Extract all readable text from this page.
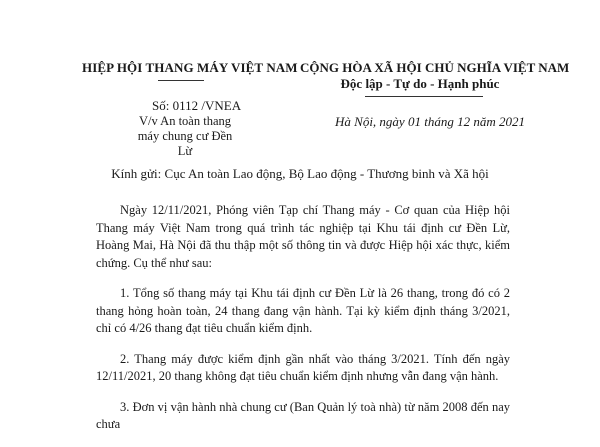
HIỆP HỘI THANG MÁY VIỆT NAM
Số: 0112 /VNEA
V/v An toàn thang máy chung cư Đền Lừ
CỘNG HÒA XÃ HỘI CHỦ NGHĨA VIỆT NAM
Độc lập - Tự do - Hạnh phúc
Hà Nội, ngày 01 tháng 12 năm 2021
Kính gửi: Cục An toàn Lao động, Bộ Lao động - Thương binh và Xã hội

Ngày 12/11/2021, Phóng viên Tạp chí Thang máy - Cơ quan của Hiệp hội Thang máy Việt Nam trong quá trình tác nghiệp tại Khu tái định cư Đền Lừ, Hoàng Mai, Hà Nội đã thu thập một số thông tin và được Hiệp hội xác thực, kiểm chứng. Cụ thể như sau:

1. Tổng số thang máy tại Khu tái định cư Đền Lừ là 26 thang, trong đó có 2 thang hỏng hoàn toàn, 24 thang đang vận hành. Tại kỳ kiểm định tháng 3/2021, chỉ có 4/26 thang đạt tiêu chuẩn kiểm định.

2. Thang máy được kiểm định gần nhất vào tháng 3/2021. Tính đến ngày 12/11/2021, 20 thang không đạt tiêu chuẩn kiểm định nhưng vẫn đang vận hành.

3. Đơn vị vận hành nhà chung cư (Ban Quản lý toà nhà) từ năm 2008 đến nay chưa
